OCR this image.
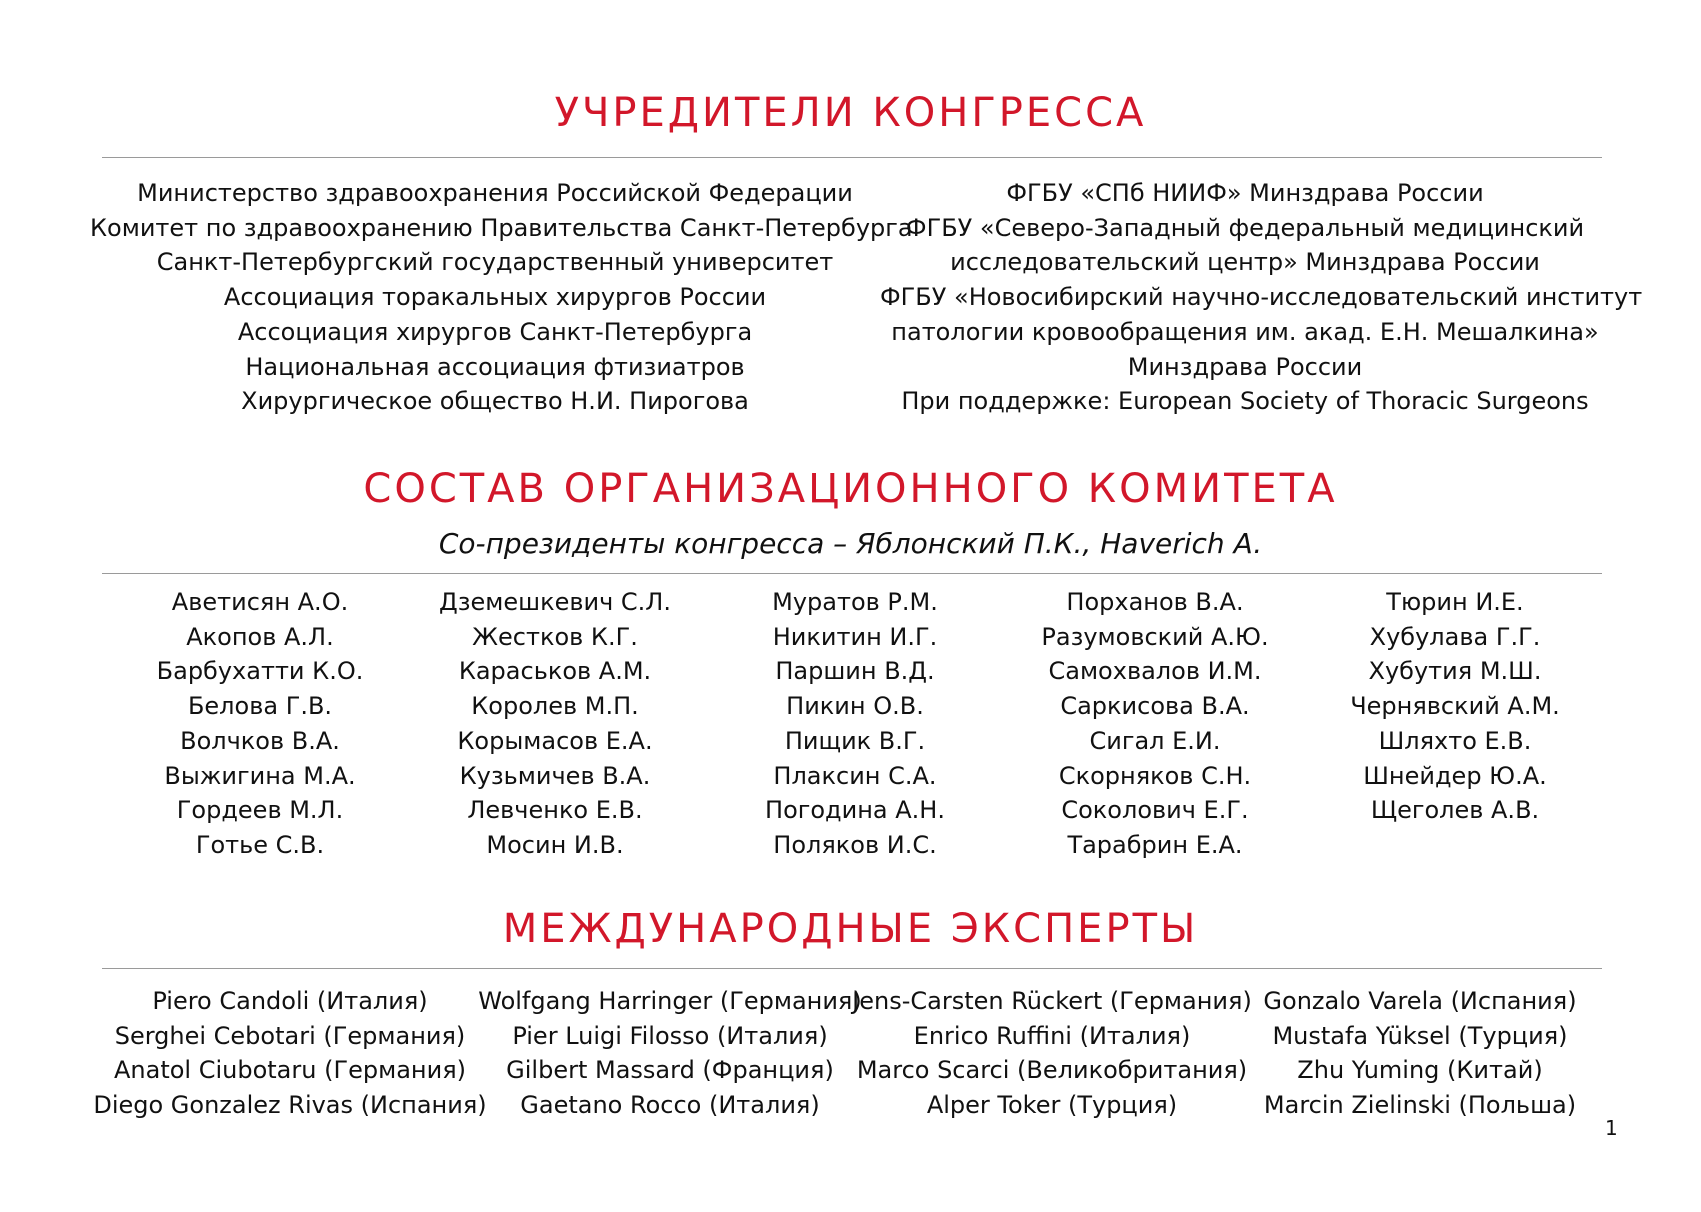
УЧРЕДИТЕЛИ КОНГРЕССА
Министерство здравоохранения Российской Федерации
Комитет по здравоохранению Правительства Санкт-Петербурга
Санкт-Петербургский государственный университет
Ассоциация торакальных хирургов России
Ассоциация хирургов Санкт-Петербурга
Национальная ассоциация фтизиатров
Хирургическое общество Н.И. Пирогова
ФГБУ «СПб НИИФ» Минздрава России
ФГБУ «Северо-Западный федеральный медицинский
исследовательский центр» Минздрава России
ФГБУ «Новосибирский научно-исследовательский институт
патологии кровообращения им. акад. Е.Н. Мешалкина»
Минздрава России
При поддержке: European Society of Thoracic Surgeons
СОСТАВ ОРГАНИЗАЦИОННОГО КОМИТЕТА
Со-президенты конгресса – Яблонский П.К., Haverich A.
Аветисян А.О.
Акопов А.Л.
Барбухатти К.О.
Белова Г.В.
Волчков В.А.
Выжигина М.А.
Гордеев М.Л.
Готье С.В.
Дземешкевич С.Л.
Жестков К.Г.
Караськов А.М.
Королев М.П.
Корымасов Е.А.
Кузьмичев В.А.
Левченко Е.В.
Мосин И.В.
Муратов Р.М.
Никитин И.Г.
Паршин В.Д.
Пикин О.В.
Пищик В.Г.
Плаксин С.А.
Погодина А.Н.
Поляков И.С.
Порханов В.А.
Разумовский А.Ю.
Самохвалов И.М.
Саркисова В.А.
Сигал Е.И.
Скорняков С.Н.
Соколович Е.Г.
Тарабрин Е.А.
Тюрин И.Е.
Хубулава Г.Г.
Хубутия М.Ш.
Чернявский А.М.
Шляхто Е.В.
Шнейдер Ю.А.
Щеголев А.В.
МЕЖДУНАРОДНЫЕ ЭКСПЕРТЫ
Piero Candoli (Италия)
Serghei Cebotari (Германия)
Anatol Ciubotaru (Германия)
Diego Gonzalez Rivas (Испания)
Wolfgang Harringer (Германия)
Pier Luigi Filosso (Италия)
Gilbert Massard (Франция)
Gaetano Rocco (Италия)
Jens-Carsten Rückert (Германия)
Enrico Ruffini (Италия)
Marco Scarci (Великобритания)
Alper Toker (Турция)
Gonzalo Varela (Испания)
Mustafa Yüksel (Турция)
Zhu Yuming (Китай)
Marcin Zielinski (Польша)
1
